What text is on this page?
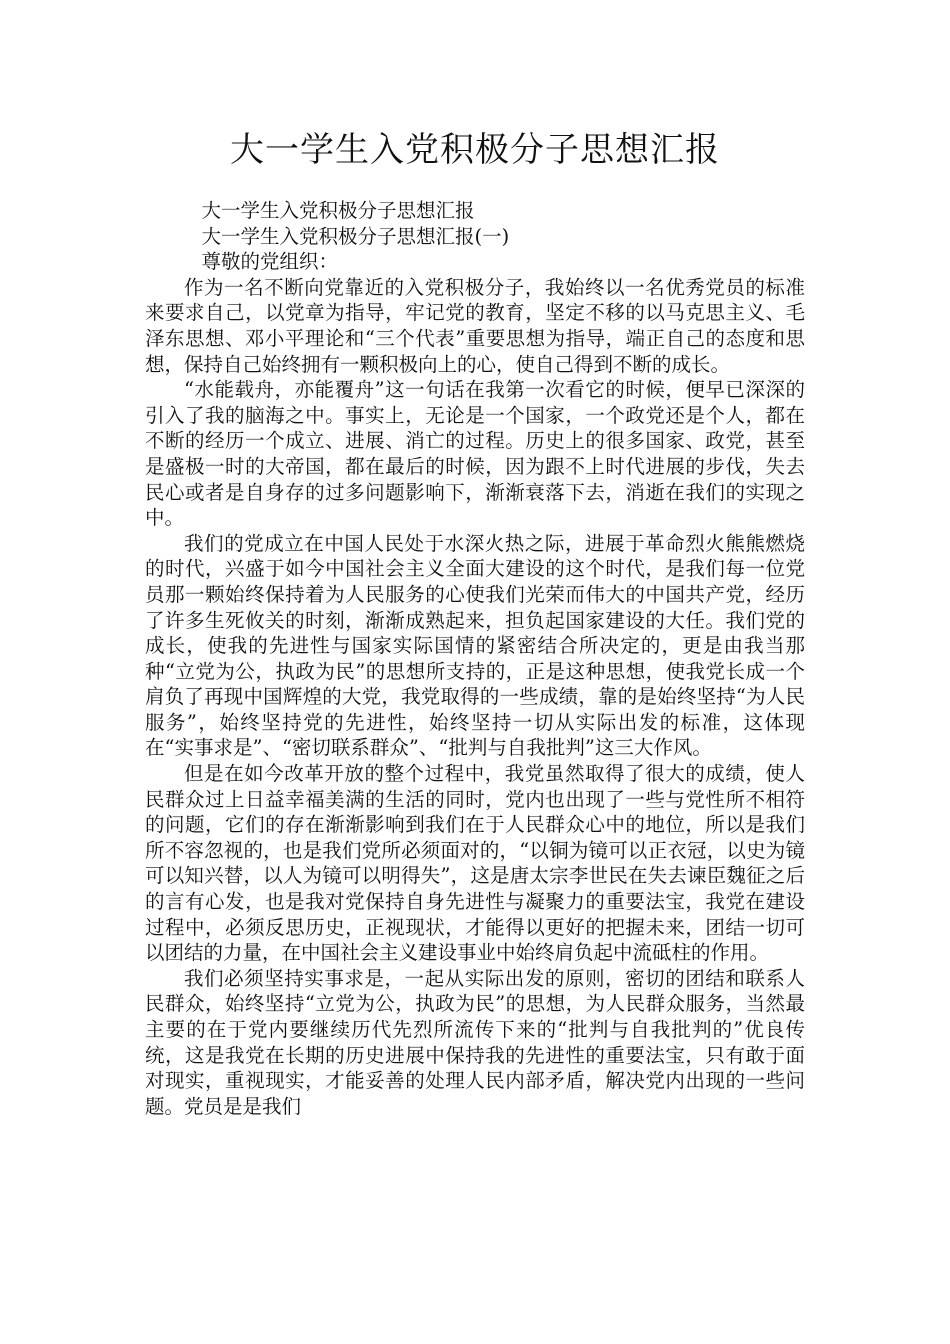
大一学生入党积极分子思想汇报

大一学生入党积极分子思想汇报

大一学生入党积极分子思想汇报(一)

尊敬的党组织：

作为一名不断向党靠近的入党积极分子，我始终以一名优秀党员的标准来要求自己，以党章为指导，牢记党的教育，坚定不移的以马克思主义、毛泽东思想、邓小平理论和“三个代表”重要思想为指导，端正自己的态度和思想，保持自己始终拥有一颗积极向上的心，使自己得到不断的成长。

“水能载舟，亦能覆舟”这一句话在我第一次看它的时候，便早已深深的引入了我的脑海之中。事实上，无论是一个国家，一个政党还是个人，都在不断的经历一个成立、进展、消亡的过程。历史上的很多国家、政党，甚至是盛极一时的大帝国，都在最后的时候，因为跟不上时代进展的步伐，失去民心或者是自身存的过多问题影响下，渐渐衰落下去，消逝在我们的实现之中。

我们的党成立在中国人民处于水深火热之际，进展于革命烈火熊熊燃烧的时代，兴盛于如今中国社会主义全面大建设的这个时代，是我们每一位党员那一颗始终保持着为人民服务的心使我们光荣而伟大的中国共产党，经历了许多生死攸关的时刻，渐渐成熟起来，担负起国家建设的大任。我们党的成长，使我的先进性与国家实际国情的紧密结合所决定的，更是由我当那种“立党为公，执政为民”的思想所支持的，正是这种思想，使我党长成一个肩负了再现中国辉煌的大党，我党取得的一些成绩，靠的是始终坚持“为人民服务”，始终坚持党的先进性，始终坚持一切从实际出发的标准，这体现在“实事求是”、“密切联系群众”、“批判与自我批判”这三大作风。

但是在如今改革开放的整个过程中，我党虽然取得了很大的成绩，使人民群众过上日益幸福美满的生活的同时，党内也出现了一些与党性所不相符的问题，它们的存在渐渐影响到我们在于人民群众心中的地位，所以是我们所不容忽视的，也是我们党所必须面对的，“以铜为镜可以正衣冠，以史为镜可以知兴替，以人为镜可以明得失”，这是唐太宗李世民在失去谏臣魏征之后的言有心发，也是我对党保持自身先进性与凝聚力的重要法宝，我党在建设过程中，必须反思历史，正视现状，才能得以更好的把握未来，团结一切可以团结的力量，在中国社会主义建设事业中始终肩负起中流砥柱的作用。

我们必须坚持实事求是，一起从实际出发的原则，密切的团结和联系人民群众，始终坚持“立党为公，执政为民”的思想，为人民群众服务，当然最主要的在于党内要继续历代先烈所流传下来的“批判与自我批判的”优良传统，这是我党在长期的历史进展中保持我的先进性的重要法宝，只有敢于面对现实，重视现实，才能妥善的处理人民内部矛盾，解决党内出现的一些问题。党员是是我们
